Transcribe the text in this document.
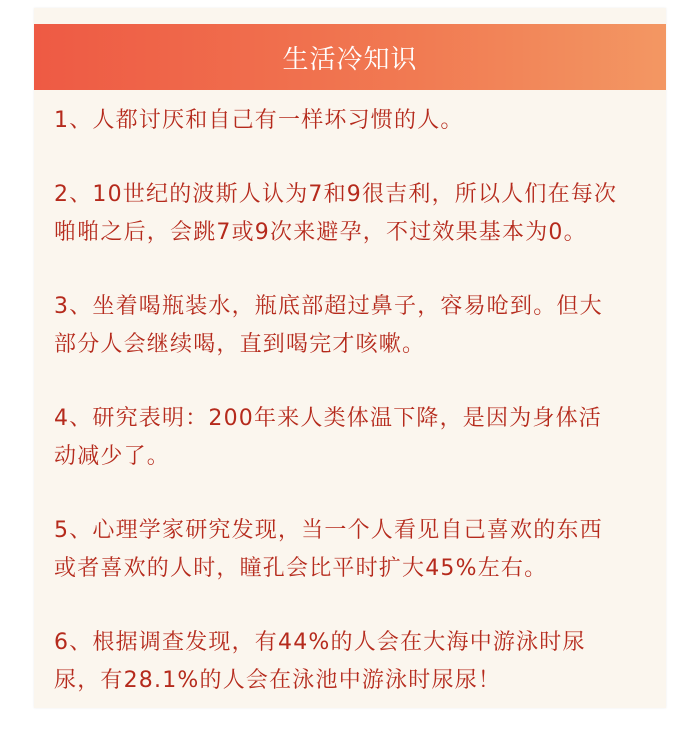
生活冷知识
1、人都讨厌和自己有一样坏习惯的人。
2、10世纪的波斯人认为7和9很吉利，所以人们在每次
啪啪之后，会跳7或9次来避孕，不过效果基本为0。
3、坐着喝瓶装水，瓶底部超过鼻子，容易呛到。但大
部分人会继续喝，直到喝完才咳嗽。
4、研究表明：200年来人类体温下降，是因为身体活
动减少了。
5、心理学家研究发现，当一个人看见自己喜欢的东西
或者喜欢的人时，瞳孔会比平时扩大45%左右。
6、根据调查发现，有44%的人会在大海中游泳时尿
尿，有28.1%的人会在泳池中游泳时尿尿！
